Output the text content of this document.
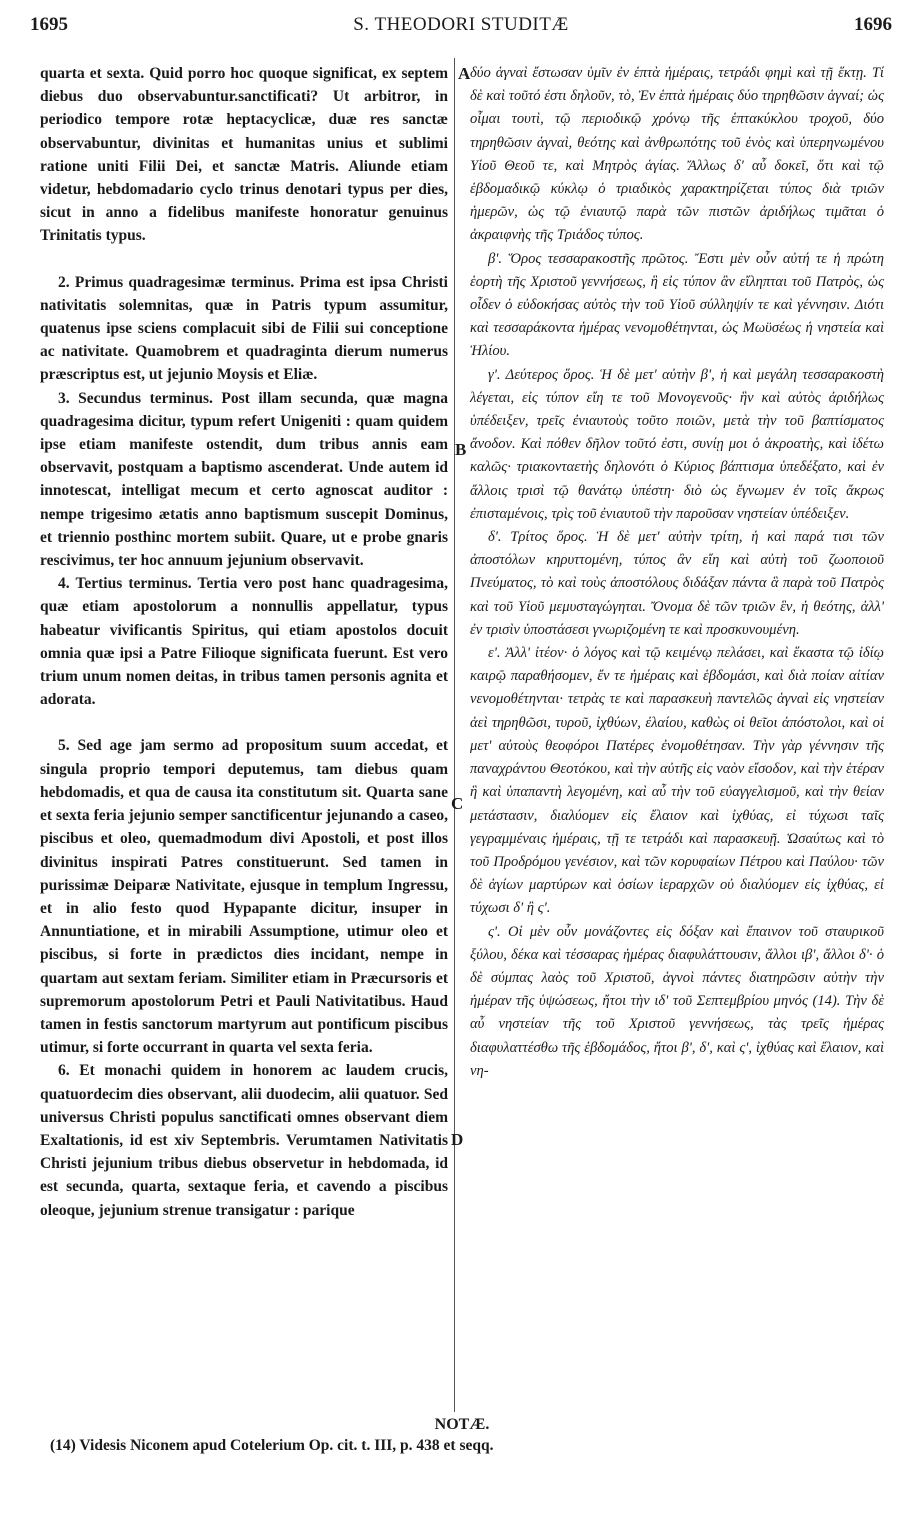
1695	S. THEODORI STUDITÆ	1696
A
B
C
D

quarta et sexta. Quid porro hoc quoque significat, ex septem diebus duo observabuntur.sanctificati? Ut arbitror, in periodico tempore rotæ heptacyclicæ, duæ res sanctæ observabuntur, divinitas et humanitas unius et sublimi ratione uniti Filii Dei, et sanctæ Matris. Aliunde etiam videtur, hebdomadario cyclo trinus denotari typus per dies, sicut in anno a fidelibus manifeste honoratur genuinus Trinitatis typus.

2. Primus quadragesimæ terminus. Prima est ipsa Christi nativitatis solemnitas, quæ in Patris typum assumitur, quatenus ipse sciens complacuit sibi de Filii sui conceptione ac nativitate. Quamobrem et quadraginta dierum numerus præscriptus est, ut jejunio Moysis et Eliæ.

3. Secundus terminus. Post illam secunda, quæ magna quadragesima dicitur, typum refert Unigeniti : quam quidem ipse etiam manifeste ostendit, dum tribus annis eam observavit, postquam a baptismo ascenderat. Unde autem id innotescat, intelligat mecum et certo agnoscat auditor : nempe trigesimo ætatis anno baptismum suscepit Dominus, et triennio posthinc mortem subiit. Quare, ut e probe gnaris rescivimus, ter hoc annuum jejunium observavit.

4. Tertius terminus. Tertia vero post hanc quadragesima, quæ etiam apostolorum a nonnullis appellatur, typus habeatur vivificantis Spiritus, qui etiam apostolos docuit omnia quæ ipsi a Patre Filioque significata fuerunt. Est vero trium unum nomen deitas, in tribus tamen personis agnita et adorata.

5. Sed age jam sermo ad propositum suum accedat, et singula proprio tempori deputemus, tam diebus quam hebdomadis, et qua de causa ita constitutum sit. Quarta sane et sexta feria jejunio semper sanctificentur jejunando a caseo, piscibus et oleo, quemadmodum divi Apostoli, et post illos divinitus inspirati Patres constituerunt. Sed tamen in purissimæ Deiparæ Nativitate, ejusque in templum Ingressu, et in alio festo quod Hypapante dicitur, insuper in Annuntiatione, et in mirabili Assumptione, utimur oleo et piscibus, si forte in prædictos dies incidant, nempe in quartam aut sextam feriam. Similiter etiam in Præcursoris et supremorum apostolorum Petri et Pauli Nativitatibus. Haud tamen in festis sanctorum martyrum aut pontificum piscibus utimur, si forte occurrant in quarta vel sexta feria.

6. Et monachi quidem in honorem ac laudem crucis, quatuordecim dies observant, alii duodecim, alii quatuor. Sed universus Christi populus sanctificati omnes observant diem Exaltationis, id est xiv Septembris. Verumtamen Nativitatis Christi jejunium tribus diebus observetur in hebdomada, id est secunda, quarta, sextaque feria, et cavendo a piscibus oleoque, jejunium strenue transigatur : parique

δύο ἁγναὶ ἔστωσαν ὑμῖν ἐν ἑπτὰ ἡμέραις, τετράδι φημὶ καὶ τῇ ἕκτῃ. Τί δὲ καὶ τοῦτό ἐστι δηλοῦν, τὸ, Ἐν ἑπτὰ ἡμέραις δύο τηρηθῶσιν ἁγναί; ὡς οἶμαι τουτὶ, τῷ περιοδικῷ χρόνῳ τῆς ἑπτακύκλου τροχοῦ, δύο τηρηθῶσιν ἁγναὶ, θεότης καὶ ἀνθρωπότης τοῦ ἑνὸς καὶ ὑπερηνωμένου Υἱοῦ Θεοῦ τε, καὶ Μητρὸς ἁγίας. Ἄλλως δ' αὖ δοκεῖ, ὅτι καὶ τῷ ἑβδομαδικῷ κύκλῳ ὁ τριαδικὸς χαρακτηρίζεται τύπος διὰ τριῶν ἡμερῶν, ὡς τῷ ἐνιαυτῷ παρὰ τῶν πιστῶν ἀριδήλως τιμᾶται ὁ ἀκραιφνὴς τῆς Τριάδος τύπος.

β'. Ὅρος τεσσαρακοστῆς πρῶτος. Ἔστι μὲν οὖν αὐτή τε ἡ πρώτη ἑορτὴ τῆς Χριστοῦ γεννήσεως, ἣ εἰς τύπον ἂν εἴληπται τοῦ Πατρὸς, ὡς οἶδεν ὁ εὐδοκήσας αὐτὸς τὴν τοῦ Υἱοῦ σύλληψίν τε καὶ γέννησιν. Διότι καὶ τεσσαράκοντα ἡμέρας νενομοθέτηνται, ὡς Μωϋσέως ἡ νηστεία καὶ Ἠλίου.

γ'. Δεύτερος ὅρος. Ἡ δὲ μετ' αὐτὴν β', ἡ καὶ μεγάλη τεσσαρακοστὴ λέγεται, εἰς τύπον εἴη τε τοῦ Μονογενοῦς· ἣν καὶ αὐτὸς ἀριδήλως ὑπέδειξεν, τρεῖς ἐνιαυτοὺς τοῦτο ποιῶν, μετὰ τὴν τοῦ βαπτίσματος ἄνοδον. Καὶ πόθεν δῆλον τοῦτό ἐστι, συνίῃ μοι ὁ ἀκροατὴς, καὶ ἰδέτω καλῶς· τριακονταετὴς δηλονότι ὁ Κύριος βάπτισμα ὑπεδέξατο, καὶ ἐν ἄλλοις τρισὶ τῷ θανάτῳ ὑπέστη· διὸ ὡς ἔγνωμεν ἐν τοῖς ἄκρως ἐπισταμένοις, τρὶς τοῦ ἐνιαυτοῦ τὴν παροῦσαν νηστείαν ὑπέδειξεν.

δ'. Τρίτος ὅρος. Ἡ δὲ μετ' αὐτὴν τρίτη, ἡ καὶ παρά τισι τῶν ἀποστόλων κηρυττομένη, τύπος ἂν εἴη καὶ αὐτὴ τοῦ ζωοποιοῦ Πνεύματος, τὸ καὶ τοὺς ἀποστόλους διδάξαν πάντα ἃ παρὰ τοῦ Πατρὸς καὶ τοῦ Υἱοῦ μεμυσταγώγηται. Ὄνομα δὲ τῶν τριῶν ἓν, ἡ θεότης, ἀλλ' ἐν τρισὶν ὑποστάσεσι γνωριζομένη τε καὶ προσκυνουμένη.

ε'. Ἀλλ' ἰτέον· ὁ λόγος καὶ τῷ κειμένῳ πελάσει, καὶ ἕκαστα τῷ ἰδίῳ καιρῷ παραθήσομεν, ἔν τε ἡμέραις καὶ ἑβδομάσι, καὶ διὰ ποίαν αἰτίαν νενομοθέτηνται· τετρὰς τε καὶ παρασκευὴ παντελῶς ἁγναὶ εἰς νηστείαν ἀεὶ τηρηθῶσι, τυροῦ, ἰχθύων, ἐλαίου, καθὼς οἱ θεῖοι ἀπόστολοι, καὶ οἱ μετ' αὐτοὺς θεοφόροι Πατέρες ἐνομοθέτησαν. Τὴν γὰρ γέννησιν τῆς παναχράντου Θεοτόκου, καὶ τὴν αὐτῆς εἰς ναὸν εἴσοδον, καὶ τὴν ἑτέραν ἣ καὶ ὑπαπαντὴ λεγομένη, καὶ αὖ τὴν τοῦ εὐαγγελισμοῦ, καὶ τὴν θείαν μετάστασιν, διαλύομεν εἰς ἔλαιον καὶ ἰχθύας, εἰ τύχωσι ταῖς γεγραμμέναις ἡμέραις, τῇ τε τετράδι καὶ παρασκευῇ. Ὡσαύτως καὶ τὸ τοῦ Προδρόμου γενέσιον, καὶ τῶν κορυφαίων Πέτρου καὶ Παύλου· τῶν δὲ ἁγίων μαρτύρων καὶ ὁσίων ἱεραρχῶν οὐ διαλύομεν εἰς ἰχθύας, εἰ τύχωσι δ' ἢ ς'.

ς'. Οἱ μὲν οὖν μονάζοντες εἰς δόξαν καὶ ἔπαινον τοῦ σταυρικοῦ ξύλου, δέκα καὶ τέσσαρας ἡμέρας διαφυλάττουσιν, ἄλλοι ιβ', ἄλλοι δ'· ὁ δὲ σύμπας λαὸς τοῦ Χριστοῦ, ἁγνοὶ πάντες διατηρῶσιν αὐτὴν τὴν ἡμέραν τῆς ὑψώσεως, ἤτοι τὴν ιδ' τοῦ Σεπτεμβρίου μηνός (14). Τὴν δὲ αὖ νηστείαν τῆς τοῦ Χριστοῦ γεννήσεως, τὰς τρεῖς ἡμέρας διαφυλαττέσθω τῆς ἑβδομάδος, ἤτοι β', δ', καὶ ς', ἰχθύας καὶ ἔλαιον, καὶ νη-

NOTÆ.
(14) Videsis Niconem apud Cotelerium Op. cit. t. III, p. 438 et seqq.
